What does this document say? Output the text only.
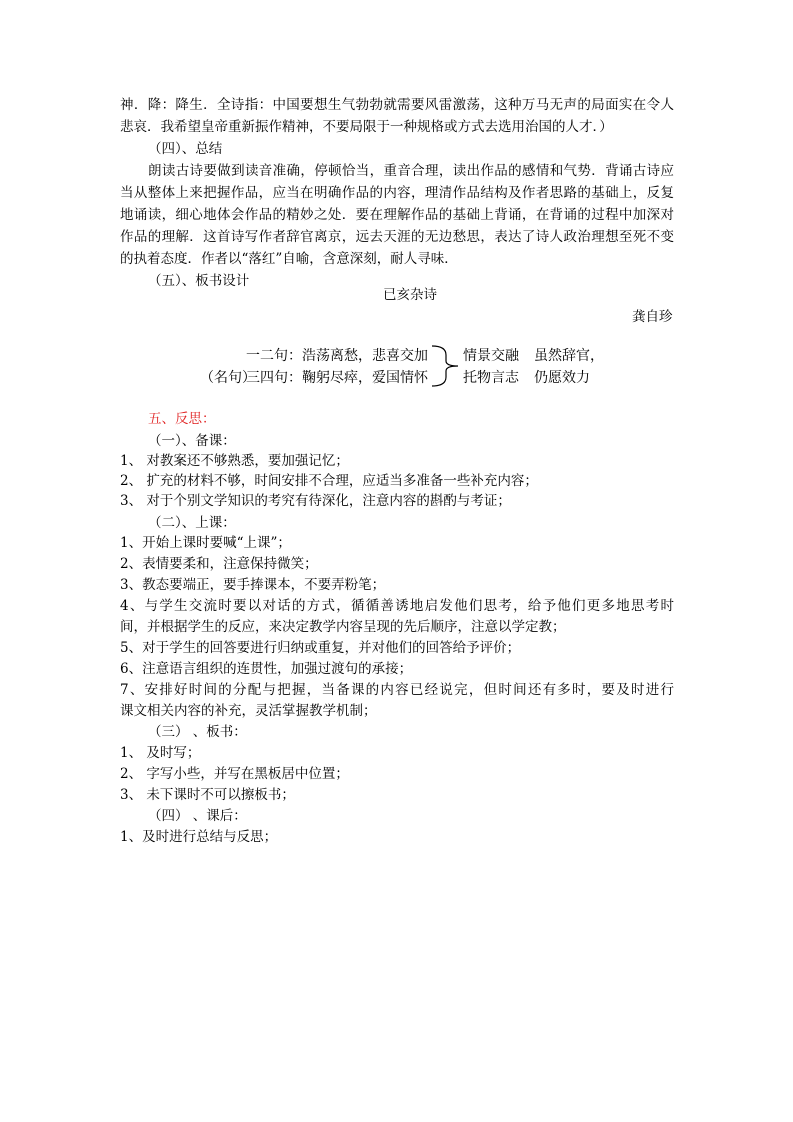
神．降：降生．全诗指：中国要想生气勃勃就需要风雷激荡，这种万马无声的局面实在令人
悲哀．我希望皇帝重新振作精神，不要局限于一种规格或方式去选用治国的人才．）
（四）、总结
朗读古诗要做到读音准确，停顿恰当，重音合理，读出作品的感情和气势．背诵古诗应
当从整体上来把握作品，应当在明确作品的内容，理清作品结构及作者思路的基础上，反复
地诵读，细心地体会作品的精妙之处．要在理解作品的基础上背诵，在背诵的过程中加深对
作品的理解．这首诗写作者辞官离京，远去天涯的无边愁思，表达了诗人政治理想至死不变
的执着态度．作者以“落红”自喻，含意深刻，耐人寻味．
（五）、板书设计
已亥杂诗
龚自珍
一二句： 浩荡离愁，悲喜交加
（名句）
三四句： 鞠躬尽瘁，爱国情怀
情景交融
托物言志
虽然辞官，
仍愿效力
五、反思：
（一）、备课：
1、 对教案还不够熟悉，要加强记忆；
2、 扩充的材料不够，时间安排不合理，应适当多准备一些补充内容；
3、 对于个别文学知识的考究有待深化，注意内容的斟酌与考证；
（二）、上课：
1、开始上课时要喊“上课”；
2、表情要柔和，注意保持微笑；
3、教态要端正，要手捧课本，不要弄粉笔；
4、与学生交流时要以对话的方式，循循善诱地启发他们思考，给予他们更多地思考时
间，并根据学生的反应，来决定教学内容呈现的先后顺序，注意以学定教；
5、对于学生的回答要进行归纳或重复，并对他们的回答给予评价；
6、注意语言组织的连贯性，加强过渡句的承接；
7、安排好时间的分配与把握，当备课的内容已经说完，但时间还有多时，要及时进行
课文相关内容的补充，灵活掌握教学机制；
（三） 、板书：
1、 及时写；
2、 字写小些，并写在黑板居中位置；
3、 未下课时不可以擦板书；
（四） 、课后：
1、及时进行总结与反思；
